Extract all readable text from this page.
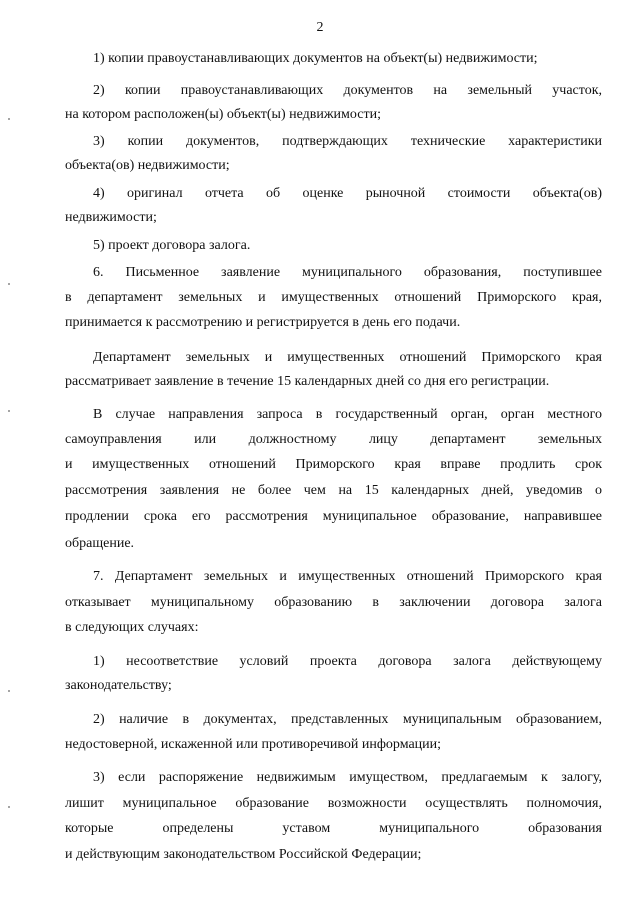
2
1) копии правоустанавливающих документов на объект(ы) недвижимости;
2) копии правоустанавливающих документов на земельный участок,
на котором расположен(ы) объект(ы) недвижимости;
3) копии документов, подтверждающих технические характеристики
объекта(ов) недвижимости;
4) оригинал отчета об оценке рыночной стоимости объекта(ов)
недвижимости;
5) проект договора залога.
6. Письменное заявление муниципального образования, поступившее
в департамент земельных и имущественных отношений Приморского края,
принимается к рассмотрению и регистрируется в день его подачи.
Департамент земельных и имущественных отношений Приморского края
рассматривает заявление в течение 15 календарных дней со дня его регистрации.
В случае направления запроса в государственный орган, орган местного
самоуправления или должностному лицу департамент земельных
и имущественных отношений Приморского края вправе продлить срок
рассмотрения заявления не более чем на 15 календарных дней, уведомив о
продлении срока его рассмотрения муниципальное образование, направившее
обращение.
7. Департамент земельных и имущественных отношений Приморского края
отказывает муниципальному образованию в заключении договора залога
в следующих случаях:
1) несоответствие условий проекта договора залога действующему
законодательству;
2) наличие в документах, представленных муниципальным образованием,
недостоверной, искаженной или противоречивой информации;
3) если распоряжение недвижимым имуществом, предлагаемым к залогу,
лишит муниципальное образование возможности осуществлять полномочия,
которые определены уставом муниципального образования
и действующим законодательством Российской Федерации;
